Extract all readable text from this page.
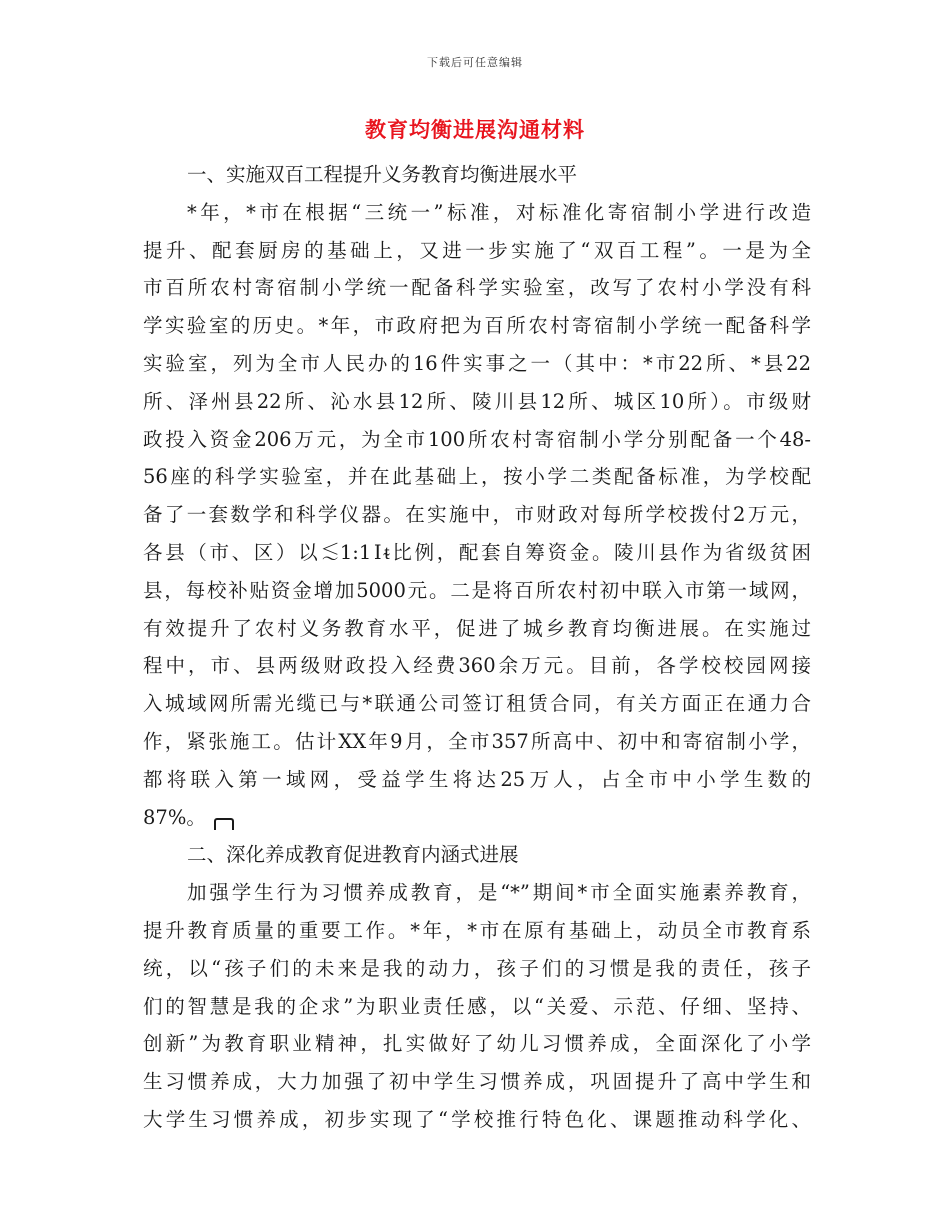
下载后可任意编辑
教育均衡进展沟通材料
一、实施双百工程提升义务教育均衡进展水平
*年，*市在根据“三统一”标准，对标准化寄宿制小学进行改造
提升、配套厨房的基础上，又进一步实施了“双百工程”。一是为全
市百所农村寄宿制小学统一配备科学实验室，改写了农村小学没有科
学实验室的历史。*年，市政府把为百所农村寄宿制小学统一配备科学
实验室，列为全市人民办的16件实事之一（其中：*市22所、*县22
所、泽州县22所、沁水县12所、陵川县12所、城区10所）。市级财
政投入资金206万元，为全市100所农村寄宿制小学分别配备一个48-
56座的科学实验室，并在此基础上，按小学二类配备标准，为学校配
备了一套数学和科学仪器。在实施中，市财政对每所学校拨付2万元，
各县（市、区）以≲1:1Ⅰᵵ比例，配套自筹资金。陵川县作为省级贫困
县，每校补贴资金增加5000元。二是将百所农村初中联入市第一域网，
有效提升了农村义务教育水平，促进了城乡教育均衡进展。在实施过
程中，市、县两级财政投入经费360余万元。目前，各学校校园网接
入城域网所需光缆已与*联通公司签订租赁合同，有关方面正在通力合
作，紧张施工。估计XX年9月，全市357所高中、初中和寄宿制小学，
都将联入第一域网，受益学生将达25万人，占全市中小学生数的
87%。
二、深化养成教育促进教育内涵式进展
加强学生行为习惯养成教育，是“*”期间*市全面实施素养教育，
提升教育质量的重要工作。*年，*市在原有基础上，动员全市教育系
统，以“孩子们的未来是我的动力，孩子们的习惯是我的责任，孩子
们的智慧是我的企求”为职业责任感，以“关爱、示范、仔细、坚持、
创新”为教育职业精神，扎实做好了幼儿习惯养成，全面深化了小学
生习惯养成，大力加强了初中学生习惯养成，巩固提升了高中学生和
大学生习惯养成，初步实现了“学校推行特色化、课题推动科学化、
